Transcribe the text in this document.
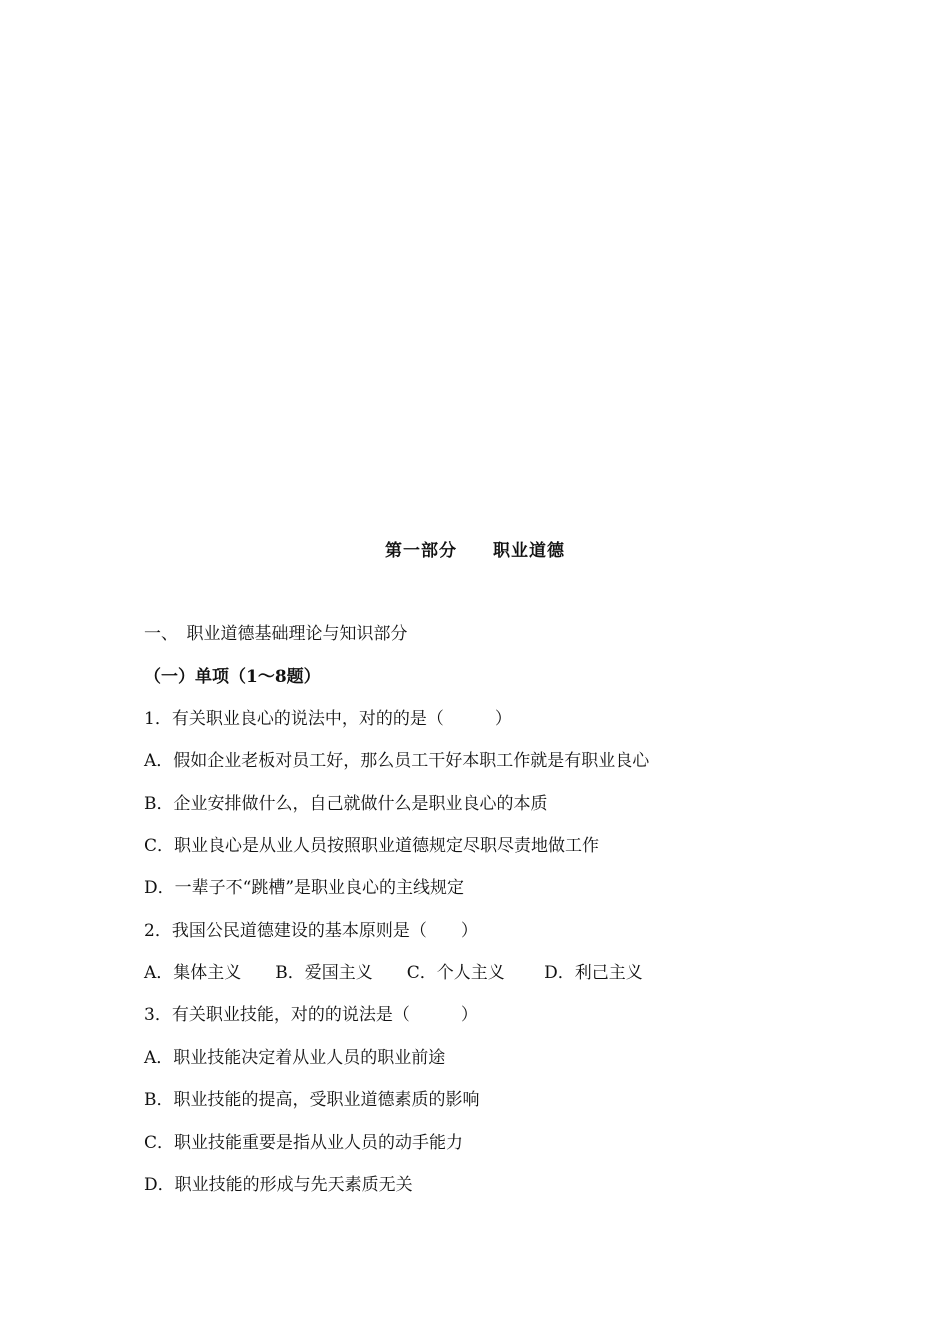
第一部分　　职业道德
一、　职业道德基础理论与知识部分
（一）单项（1～8题）
1．有关职业良心的说法中，对的的是（　　　）
A．假如企业老板对员工好，那么员工干好本职工作就是有职业良心
B．企业安排做什么，自己就做什么是职业良心的本质
C．职业良心是从业人员按照职业道德规定尽职尽责地做工作
D．一辈子不“跳槽”是职业良心的主线规定
2．我国公民道德建设的基本原则是（　　）
A．集体主义　　B．爱国主义　　C．个人主义　　 D．利己主义
3．有关职业技能，对的的说法是（　　　）
A．职业技能决定着从业人员的职业前途
B．职业技能的提高，受职业道德素质的影响
C．职业技能重要是指从业人员的动手能力
D．职业技能的形成与先天素质无关
